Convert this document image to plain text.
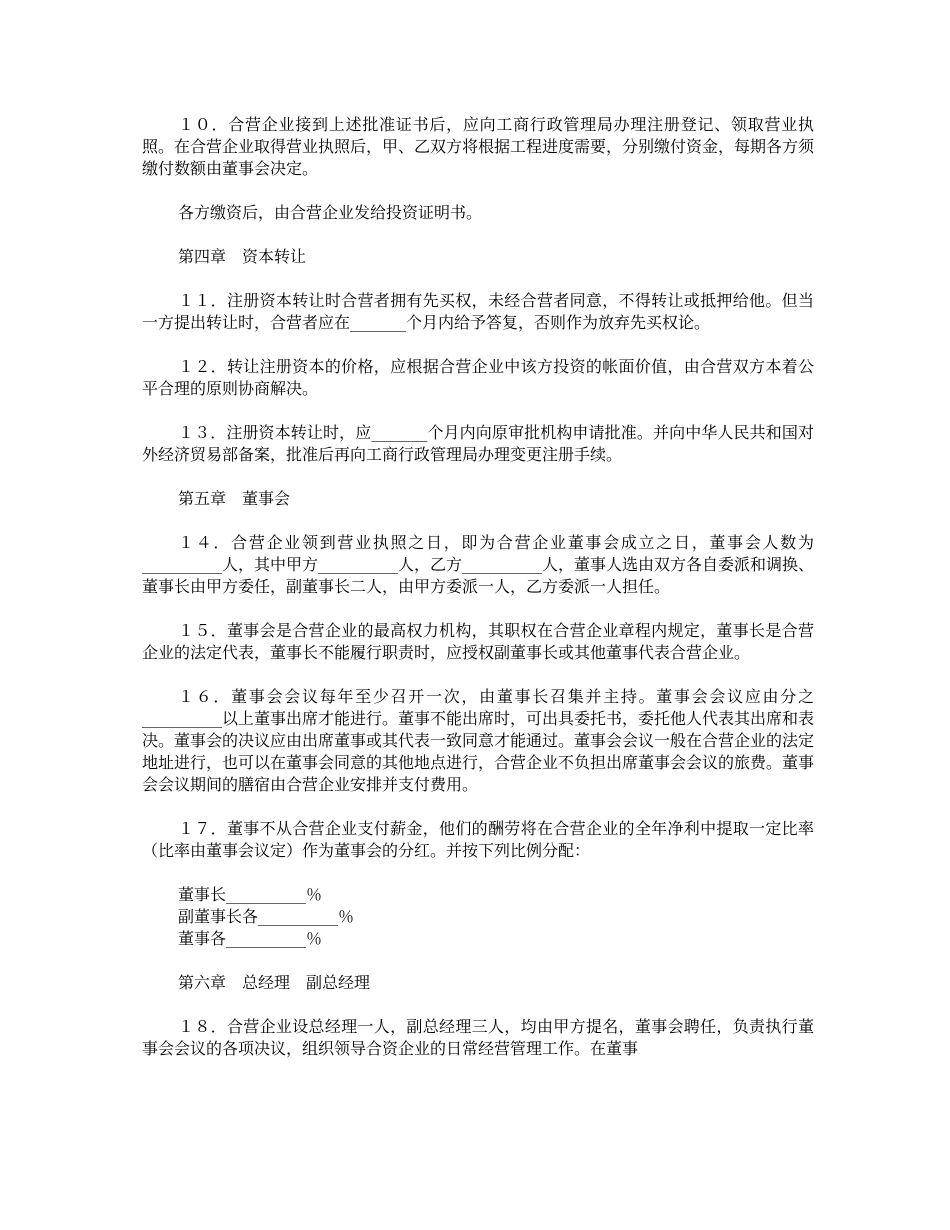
１０．合营企业接到上述批准证书后，应向工商行政管理局办理注册登记、领取营业执照。在合营企业取得营业执照后，甲、乙双方将根据工程进度需要，分别缴付资金，每期各方须缴付数额由董事会决定。

各方缴资后，由合营企业发给投资证明书。

第四章　资本转让

１１．注册资本转让时合营者拥有先买权，未经合营者同意，不得转让或抵押给他。但当一方提出转让时，合营者应在_______个月内给予答复，否则作为放弃先买权论。

１２．转让注册资本的价格，应根据合营企业中该方投资的帐面价值，由合营双方本着公平合理的原则协商解决。

１３．注册资本转让时，应_______个月内向原审批机构申请批准。并向中华人民共和国对外经济贸易部备案，批准后再向工商行政管理局办理变更注册手续。

第五章　董事会

１４．合营企业领到营业执照之日，即为合营企业董事会成立之日，董事会人数为__________人，其中甲方__________人，乙方__________人，董事人选由双方各自委派和调换、董事长由甲方委任，副董事长二人，由甲方委派一人，乙方委派一人担任。

１５．董事会是合营企业的最高权力机构，其职权在合营企业章程内规定，董事长是合营企业的法定代表，董事长不能履行职责时，应授权副董事长或其他董事代表合营企业。

１６．董事会会议每年至少召开一次，由董事长召集并主持。董事会会议应由分之__________以上董事出席才能进行。董事不能出席时，可出具委托书，委托他人代表其出席和表决。董事会的决议应由出席董事或其代表一致同意才能通过。董事会会议一般在合营企业的法定地址进行，也可以在董事会同意的其他地点进行，合营企业不负担出席董事会会议的旅费。董事会会议期间的膳宿由合营企业安排并支付费用。

１７．董事不从合营企业支付薪金，他们的酬劳将在合营企业的全年净利中提取一定比率（比率由董事会议定）作为董事会的分红。并按下列比例分配：

董事长__________％
副董事长各__________％
董事各__________％

第六章　总经理　副总经理

１８．合营企业设总经理一人，副总经理三人，均由甲方提名，董事会聘任，负责执行董事会会议的各项决议，组织领导合资企业的日常经营管理工作。在董事
